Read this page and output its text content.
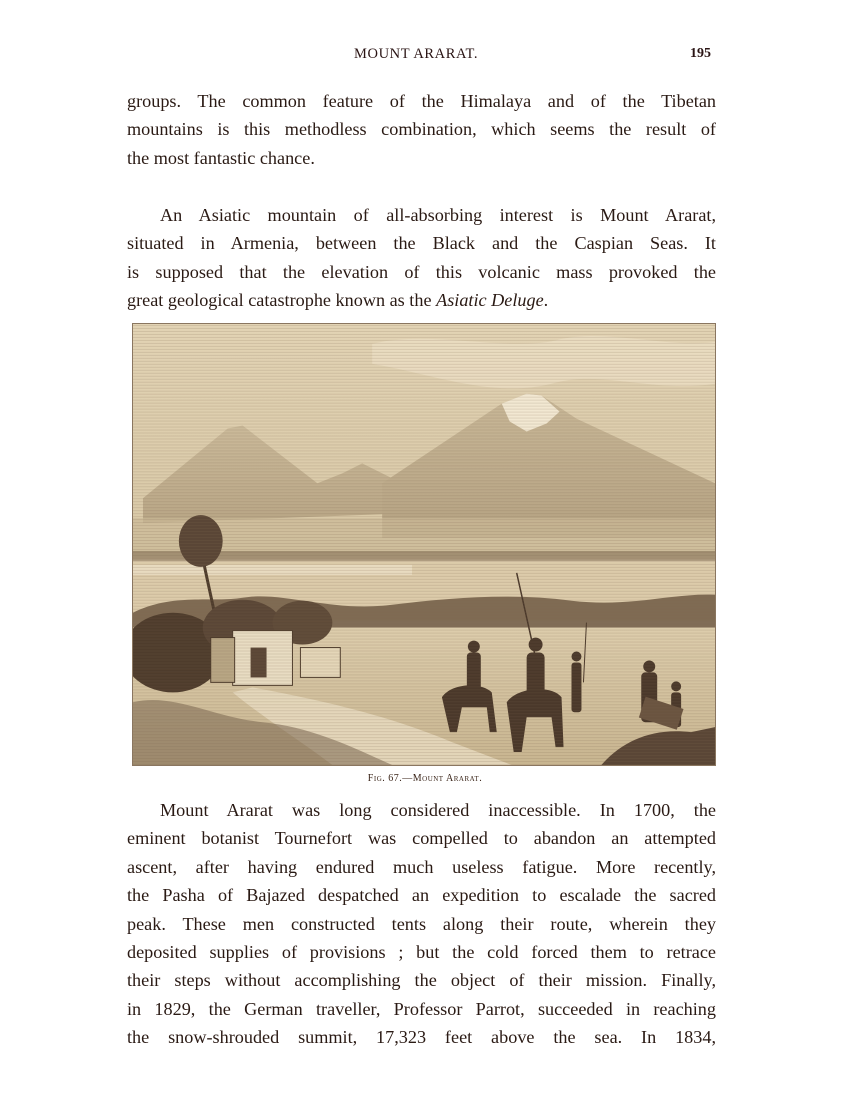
MOUNT ARARAT.	195
groups. The common feature of the Himalaya and of the Tibetan
mountains is this methodless combination, which seems the result of
the most fantastic chance.
An Asiatic mountain of all-absorbing interest is Mount Ararat,
situated in Armenia, between the Black and the Caspian Seas. It
is supposed that the elevation of this volcanic mass provoked the
great geological catastrophe known as the Asiatic Deluge.
Fig. 67.—Mount Ararat.
Mount Ararat was long considered inaccessible. In 1700, the
eminent botanist Tournefort was compelled to abandon an attempted
ascent, after having endured much useless fatigue. More recently,
the Pasha of Bajazed despatched an expedition to escalade the sacred
peak. These men constructed tents along their route, wherein they
deposited supplies of provisions ; but the cold forced them to retrace
their steps without accomplishing the object of their mission. Finally,
in 1829, the German traveller, Professor Parrot, succeeded in reaching
the snow-shrouded summit, 17,323 feet above the sea. In 1834,
